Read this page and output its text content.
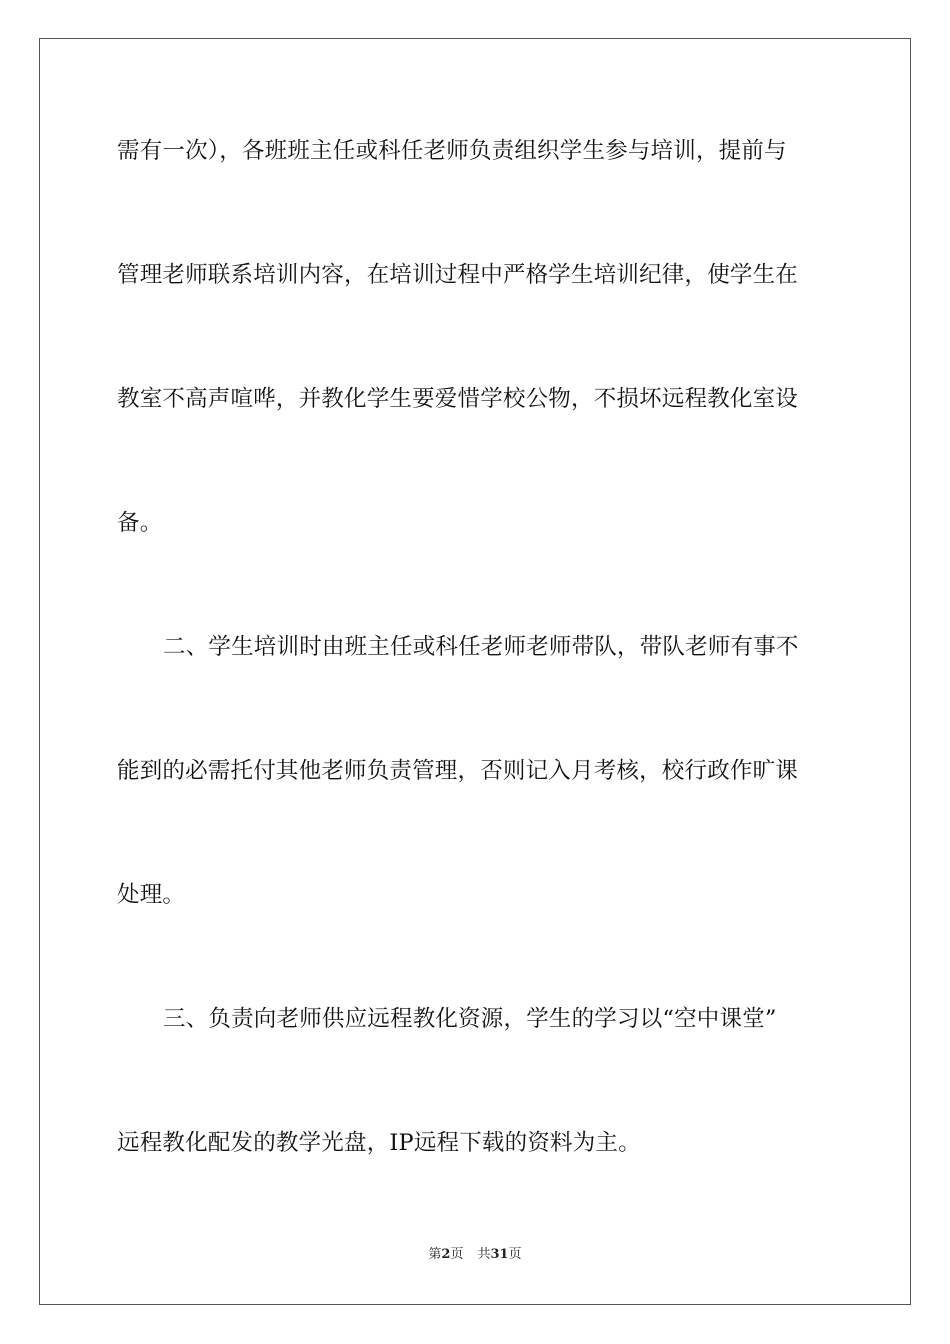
需有一次），各班班主任或科任老师负责组织学生参与培训，提前与
管理老师联系培训内容，在培训过程中严格学生培训纪律，使学生在
教室不高声喧哗，并教化学生要爱惜学校公物，不损坏远程教化室设
备。
二、学生培训时由班主任或科任老师老师带队，带队老师有事不
能到的必需托付其他老师负责管理，否则记入月考核，校行政作旷课
处理。
三、负责向老师供应远程教化资源，学生的学习以“空中课堂”
远程教化配发的教学光盘，IP远程下载的资料为主。
第2页 共31页
